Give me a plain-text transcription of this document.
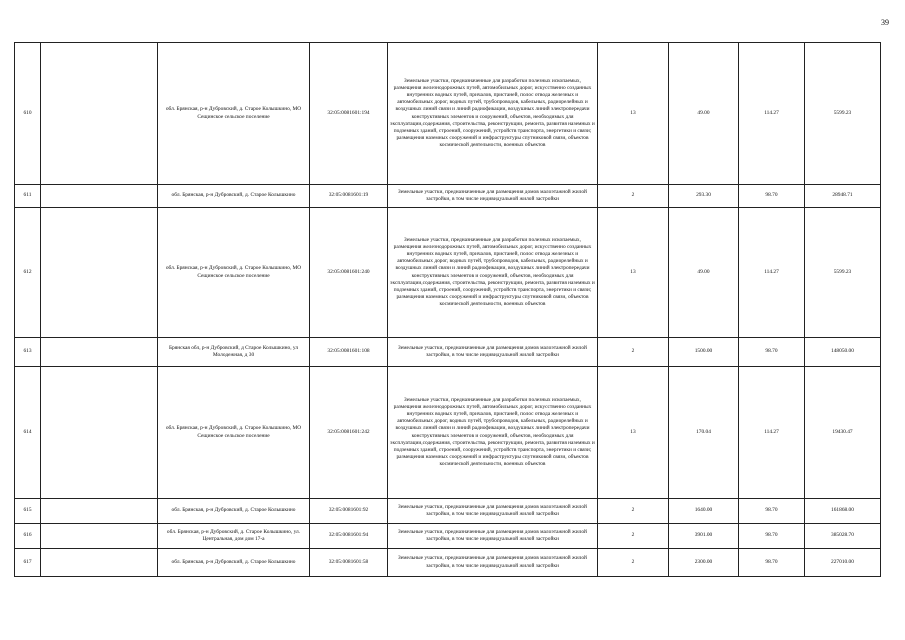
39
610		обл. Брянская, р-н Дубровский, д. Старое Колышкино, МО Сещинское сельское поселение	32:05:0081601:194	Земельные участки, предназначенные для разработки полезных ископаемых, размещения железнодорожных путей, автомобильных дорог, искусственно созданных внутренних водных путей, причалов, пристаней, полос отвода железных и автомобильных дорог, водных путей, трубопроводов, кабельных, радиорелейных и воздушных линий связи и линий радиофикации, воздушных линий электропередачи конструктивных элементов и сооружений, объектов, необходимых для эксплуатации,содержания, строительства, реконструкции, ремонта, развития наземных и подземных зданий, строений, сооружений, устройств транспорта, энергетики и связи; размещения наземных сооружений и инфраструктуры спутниковой связи, объектов космической деятельности, военных объектов	13	49.00	114.27	5599.23
611		обл. Брянская, р-н Дубровский, д. Старое Колышкино	32:05:0081601:19	Земельные участки, предназначенные для размещения домов малоэтажной жилой застройки, в том числе индивидуальной жилой застройки	2	293.30	98.70	28948.71
612		обл. Брянская, р-н Дубровский, д. Старое Колышкино, МО Сещинское сельское поселение	32:05:0081601:240	Земельные участки, предназначенные для разработки полезных ископаемых, размещения железнодорожных путей, автомобильных дорог, искусственно созданных внутренних водных путей, причалов, пристаней, полос отвода железных и автомобильных дорог, водных путей, трубопроводов, кабельных, радиорелейных и воздушных линий связи и линий радиофикации, воздушных линий электропередачи конструктивных элементов и сооружений, объектов, необходимых для эксплуатации,содержания, строительства, реконструкции, ремонта, развития наземных и подземных зданий, строений, сооружений, устройств транспорта, энергетики и связи; размещения наземных сооружений и инфраструктуры спутниковой связи, объектов космической деятельности, военных объектов	13	49.00	114.27	5599.23
613		Брянская обл, р-н Дубровский, д Старое Колышкино, ул Молодежная, д 30	32:05:0081601:108	Земельные участки, предназначенные для размещения домов малоэтажной жилой застройки, в том числе индивидуальной жилой застройки	2	1500.00	98.70	148050.00
614		обл. Брянская, р-н Дубровский, д. Старое Колышкино, МО Сещинское сельское поселение	32:05:0081601:242	Земельные участки, предназначенные для разработки полезных ископаемых, размещения железнодорожных путей, автомобильных дорог, искусственно созданных внутренних водных путей, причалов, пристаней, полос отвода железных и автомобильных дорог, водных путей, трубопроводов, кабельных, радиорелейных и воздушных линий связи и линий радиофикации, воздушных линий электропередачи конструктивных элементов и сооружений, объектов, необходимых для эксплуатации,содержания, строительства, реконструкции, ремонта, развития наземных и подземных зданий, строений, сооружений, устройств транспорта, энергетики и связи; размещения наземных сооружений и инфраструктуры спутниковой связи, объектов космической деятельности, военных объектов	13	170.04	114.27	19430.47
615		обл. Брянская, р-н Дубровский, д. Старое Колышкино	32:05:0081601:92	Земельные участки, предназначенные для размещения домов малоэтажной жилой застройки, в том числе индивидуальной жилой застройки	2	1640.00	98.70	161868.00
616		обл. Брянская, р-н Дубровский, д. Старое Колышкино, ул. Центральная, дом дом 17-а	32:05:0081601:94	Земельные участки, предназначенные для размещения домов малоэтажной жилой застройки, в том числе индивидуальной жилой застройки	2	3901.00	98.70	385028.70
617		обл. Брянская, р-н Дубровский, д. Старое Колышкино	32:05:0081601:58	Земельные участки, предназначенные для размещения домов малоэтажной жилой застройки, в том числе индивидуальной жилой застройки	2	2300.00	98.70	227010.00
